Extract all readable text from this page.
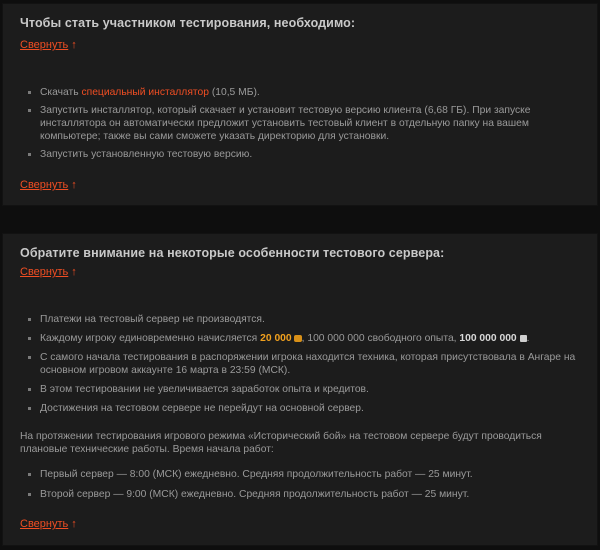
Чтобы стать участником тестирования, необходимо:
Свернуть ↑
Скачать специальный инсталлятор (10,5 МБ).
Запустить инсталлятор, который скачает и установит тестовую версию клиента (6,68 ГБ). При запуске инсталлятора он автоматически предложит установить тестовый клиент в отдельную папку на вашем компьютере; также вы сами сможете указать директорию для установки.
Запустить установленную тестовую версию.
Свернуть ↑
Обратите внимание на некоторые особенности тестового сервера:
Свернуть ↑
Платежи на тестовый сервер не производятся.
Каждому игроку единовременно начисляется 20 000 , 100 000 000 свободного опыта, 100 000 000 .
С самого начала тестирования в распоряжении игрока находится техника, которая присутствовала в Ангаре на основном игровом аккаунте 16 марта в 23:59 (МСК).
В этом тестировании не увеличивается заработок опыта и кредитов.
Достижения на тестовом сервере не перейдут на основной сервер.
На протяжении тестирования игрового режима «Исторический бой» на тестовом сервере будут проводиться плановые технические работы. Время начала работ:
Первый сервер — 8:00 (МСК) ежедневно. Средняя продолжительность работ — 25 минут.
Второй сервер — 9:00 (МСК) ежедневно. Средняя продолжительность работ — 25 минут.
Свернуть ↑
